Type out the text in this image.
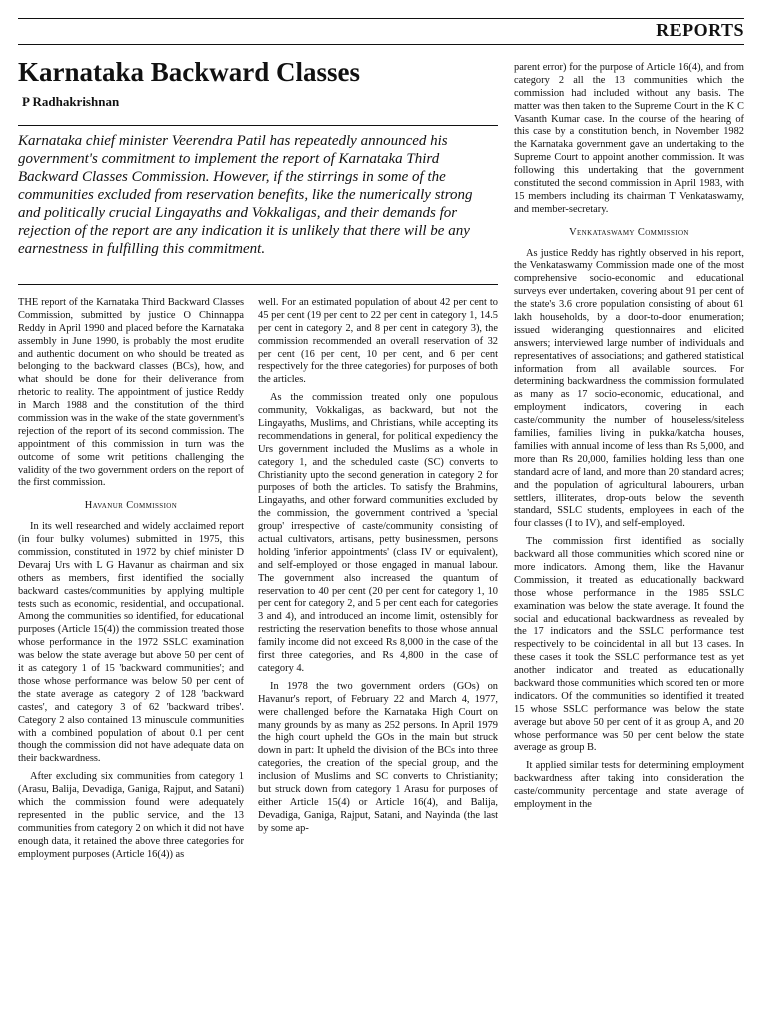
REPORTS
Karnataka Backward Classes
P Radhakrishnan
Karnataka chief minister Veerendra Patil has repeatedly announced his government's commitment to implement the report of Karnataka Third Backward Classes Commission. However, if the stirrings in some of the communities excluded from reservation benefits, like the numerically strong and politically crucial Lingayaths and Vokkaligas, and their demands for rejection of the report are any indication it is unlikely that there will be any earnestness in fulfilling this commitment.

THE report of the Karnataka Third Backward Classes Commission, submitted by justice O Chinnappa Reddy in April 1990 and placed before the Karnataka assembly in June 1990, is probably the most erudite and authentic document on who should be treated as belonging to the backward classes (BCs), how, and what should be done for their deliverance from rhetoric to reality. The appointment of justice Reddy in March 1988 and the constitution of the third commission was in the wake of the state government's rejection of the report of its second commission. The appointment of this commission in turn was the outcome of some writ petitions challenging the validity of the two government orders on the report of the first commission.

Havanur Commission

In its well researched and widely acclaimed report (in four bulky volumes) submitted in 1975, this commission, constituted in 1972 by chief minister D Devaraj Urs with L G Havanur as chairman and six others as members, first identified the socially backward castes/communities by applying multiple tests such as economic, residential, and occupational. Among the communities so identified, for educational purposes (Article 15(4)) the commission treated those whose performance in the 1972 SSLC examination was below the state average but above 50 per cent of it as category 1 of 15 'backward communities'; and those whose performance was below 50 per cent of the state average as category 2 of 128 'backward castes', and category 3 of 62 'backward tribes'. Category 2 also contained 13 minuscule communities with a combined population of about 0.1 per cent though the commission did not have adequate data on their backwardness.

After excluding six communities from category 1 (Arasu, Balija, Devadiga, Ganiga, Rajput, and Satani) which the commission found were adequately represented in the public service, and the 13 communities from category 2 on which it did not have enough data, it retained the above three categories for employment purposes (Article 16(4)) as

well. For an estimated population of about 42 per cent to 45 per cent (19 per cent to 22 per cent in category 1, 14.5 per cent in category 2, and 8 per cent in category 3), the commission recommended an overall reservation of 32 per cent (16 per cent, 10 per cent, and 6 per cent respectively for the three categories) for purposes of both the articles.

As the commission treated only one populous community, Vokkaligas, as backward, but not the Lingayaths, Muslims, and Christians, while accepting its recommendations in general, for political expediency the Urs government included the Muslims as a whole in category 1, and the scheduled caste (SC) converts to Christianity upto the second generation in category 2 for purposes of both the articles. To satisfy the Brahmins, Lingayaths, and other forward communities excluded by the commission, the government contrived a 'special group' irrespective of caste/community consisting of actual cultivators, artisans, petty businessmen, persons holding 'inferior appointments' (class IV or equivalent), and self-employed or those engaged in manual labour. The government also increased the quantum of reservation to 40 per cent (20 per cent for category 1, 10 per cent for category 2, and 5 per cent each for categories 3 and 4), and introduced an income limit, ostensibly for restricting the reservation benefits to those whose annual family income did not exceed Rs 8,000 in the case of the first three categories, and Rs 4,800 in the case of category 4.

In 1978 the two government orders (GOs) on Havanur's report, of February 22 and March 4, 1977, were challenged before the Karnataka High Court on many grounds by as many as 252 persons. In April 1979 the high court upheld the GOs in the main but struck down in part: It upheld the division of the BCs into three categories, the creation of the special group, and the inclusion of Muslims and SC converts to Christianity; but struck down from category 1 Arasu for purposes of either Article 15(4) or Article 16(4), and Balija, Devadiga, Ganiga, Rajput, Satani, and Nayinda (the last by some ap-

parent error) for the purpose of Article 16(4), and from category 2 all the 13 communities which the commission had included without any basis. The matter was then taken to the Supreme Court in the K C Vasanth Kumar case. In the course of the hearing of this case by a constitution bench, in November 1982 the Karnataka government gave an undertaking to the Supreme Court to appoint another commission. It was following this undertaking that the government constituted the second commission in April 1983, with 15 members including its chairman T Venkataswamy, and member-secretary.

Venkataswamy Commission

As justice Reddy has rightly observed in his report, the Venkataswamy Commission made one of the most comprehensive socio-economic and educational surveys ever undertaken, covering about 91 per cent of the state's 3.6 crore population consisting of about 61 lakh households, by a door-to-door enumeration; issued wideranging questionnaires and elicited answers; interviewed large number of individuals and representatives of associations; and gathered statistical information from all available sources. For determining backwardness the commission formulated as many as 17 socio-economic, educational, and employment indicators, covering in each caste/community the number of houseless/siteless families, families living in pukka/katcha houses, families with annual income of less than Rs 5,000, and more than Rs 20,000, families holding less than one standard acre of land, and more than 20 standard acres; and the population of agricultural labourers, urban settlers, illiterates, drop-outs below the seventh standard, SSLC students, employees in each of the four classes (I to IV), and self-employed.

The commission first identified as socially backward all those communities which scored nine or more indicators. Among them, like the Havanur Commission, it treated as educationally backward those whose performance in the 1985 SSLC examination was below the state average. It found the social and educational backwardness as revealed by the 17 indicators and the SSLC performance test respectively to be coincidental in all but 13 cases. In these cases it took the SSLC performance test as yet another indicator and treated as educationally backward those communities which scored ten or more indicators. Of the communities so identified it treated 15 whose SSLC performance was below the state average but above 50 per cent of it as group A, and 20 whose performance was 50 per cent below the state average as group B.

It applied similar tests for determining employment backwardness after taking into consideration the caste/community percentage and state average of employment in the
